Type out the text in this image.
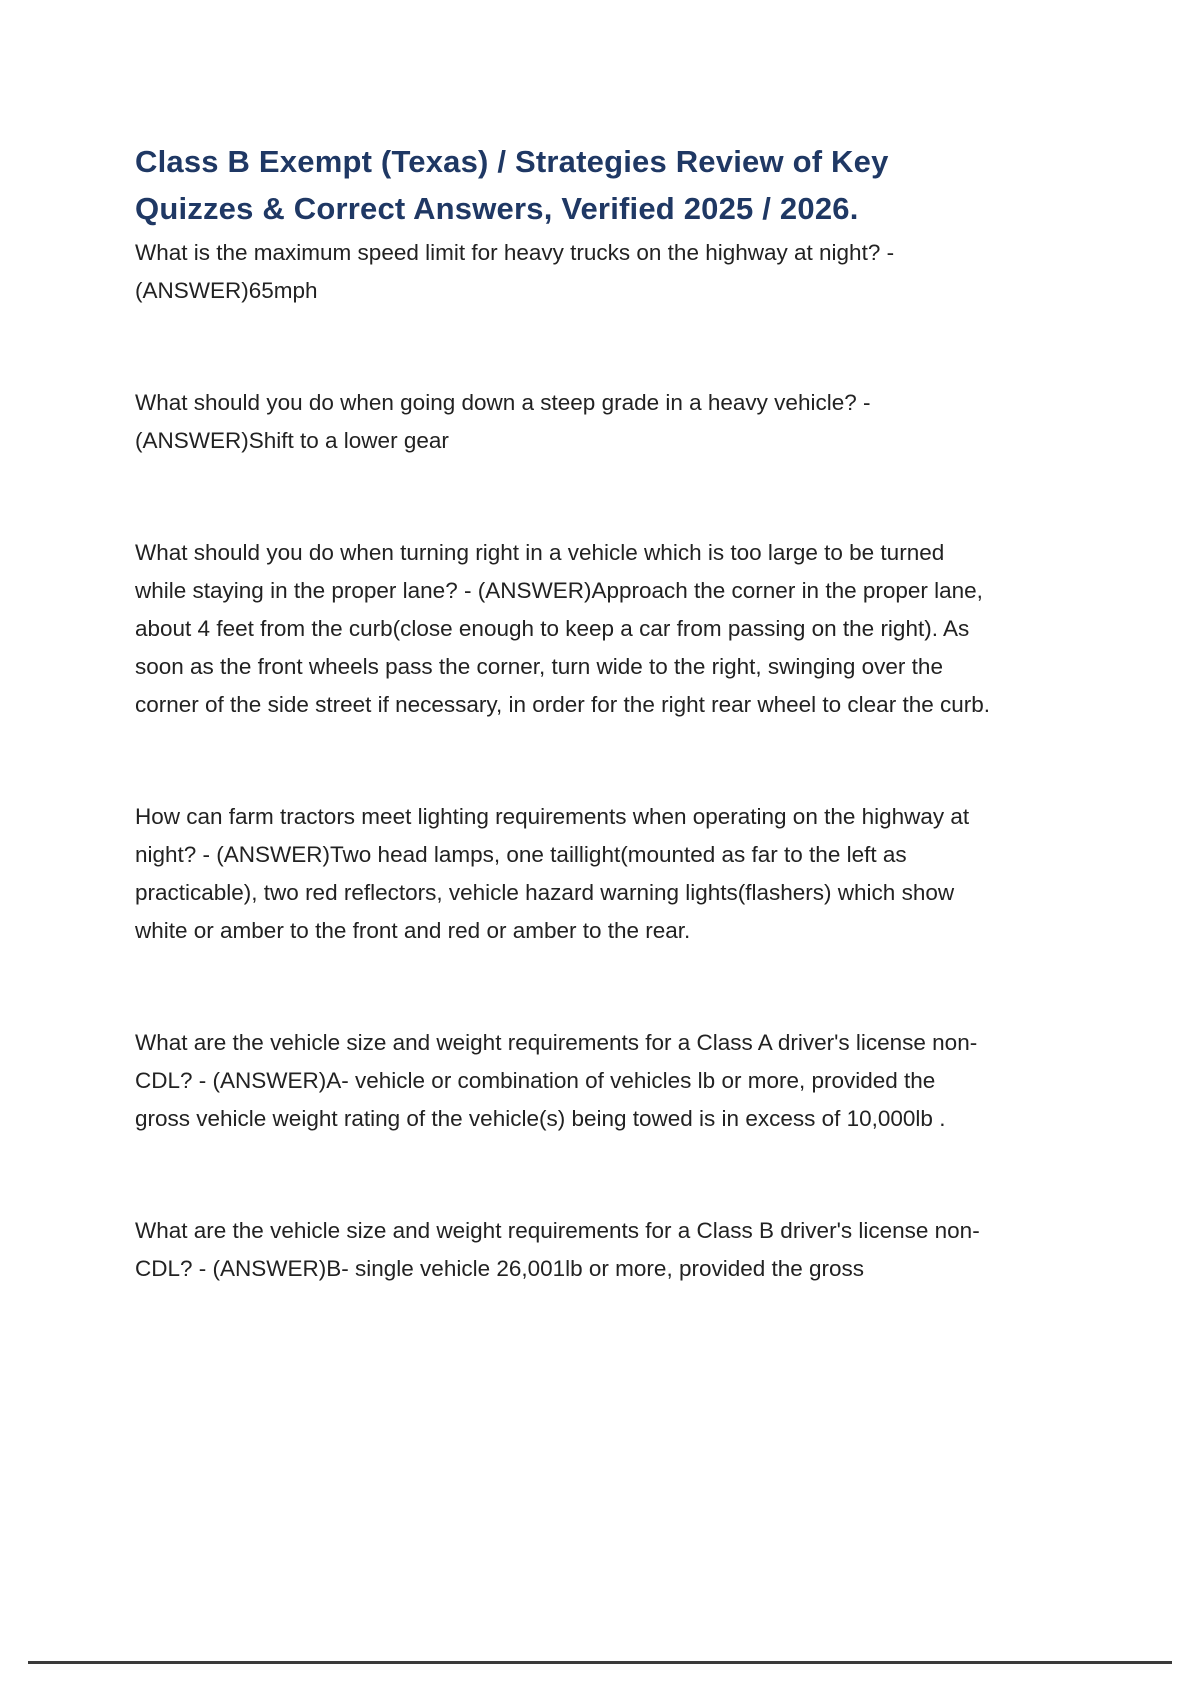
Class B Exempt (Texas) / Strategies Review of Key Quizzes & Correct Answers, Verified 2025 / 2026.

What is the maximum speed limit for heavy trucks on the highway at night? - (ANSWER)65mph

What should you do when going down a steep grade in a heavy vehicle? - (ANSWER)Shift to a lower gear

What should you do when turning right in a vehicle which is too large to be turned while staying in the proper lane? - (ANSWER)Approach the corner in the proper lane, about 4 feet from the curb(close enough to keep a car from passing on the right). As soon as the front wheels pass the corner, turn wide to the right, swinging over the corner of the side street if necessary, in order for the right rear wheel to clear the curb.

How can farm tractors meet lighting requirements when operating on the highway at night? - (ANSWER)Two head lamps, one taillight(mounted as far to the left as practicable), two red reflectors, vehicle hazard warning lights(flashers) which show white or amber to the front and red or amber to the rear.

What are the vehicle size and weight requirements for a Class A driver's license non-CDL? - (ANSWER)A- vehicle or combination of vehicles lb or more, provided the gross vehicle weight rating of the vehicle(s) being towed is in excess of 10,000lb .

What are the vehicle size and weight requirements for a Class B driver's license non-CDL? - (ANSWER)B- single vehicle 26,001lb or more, provided the gross
